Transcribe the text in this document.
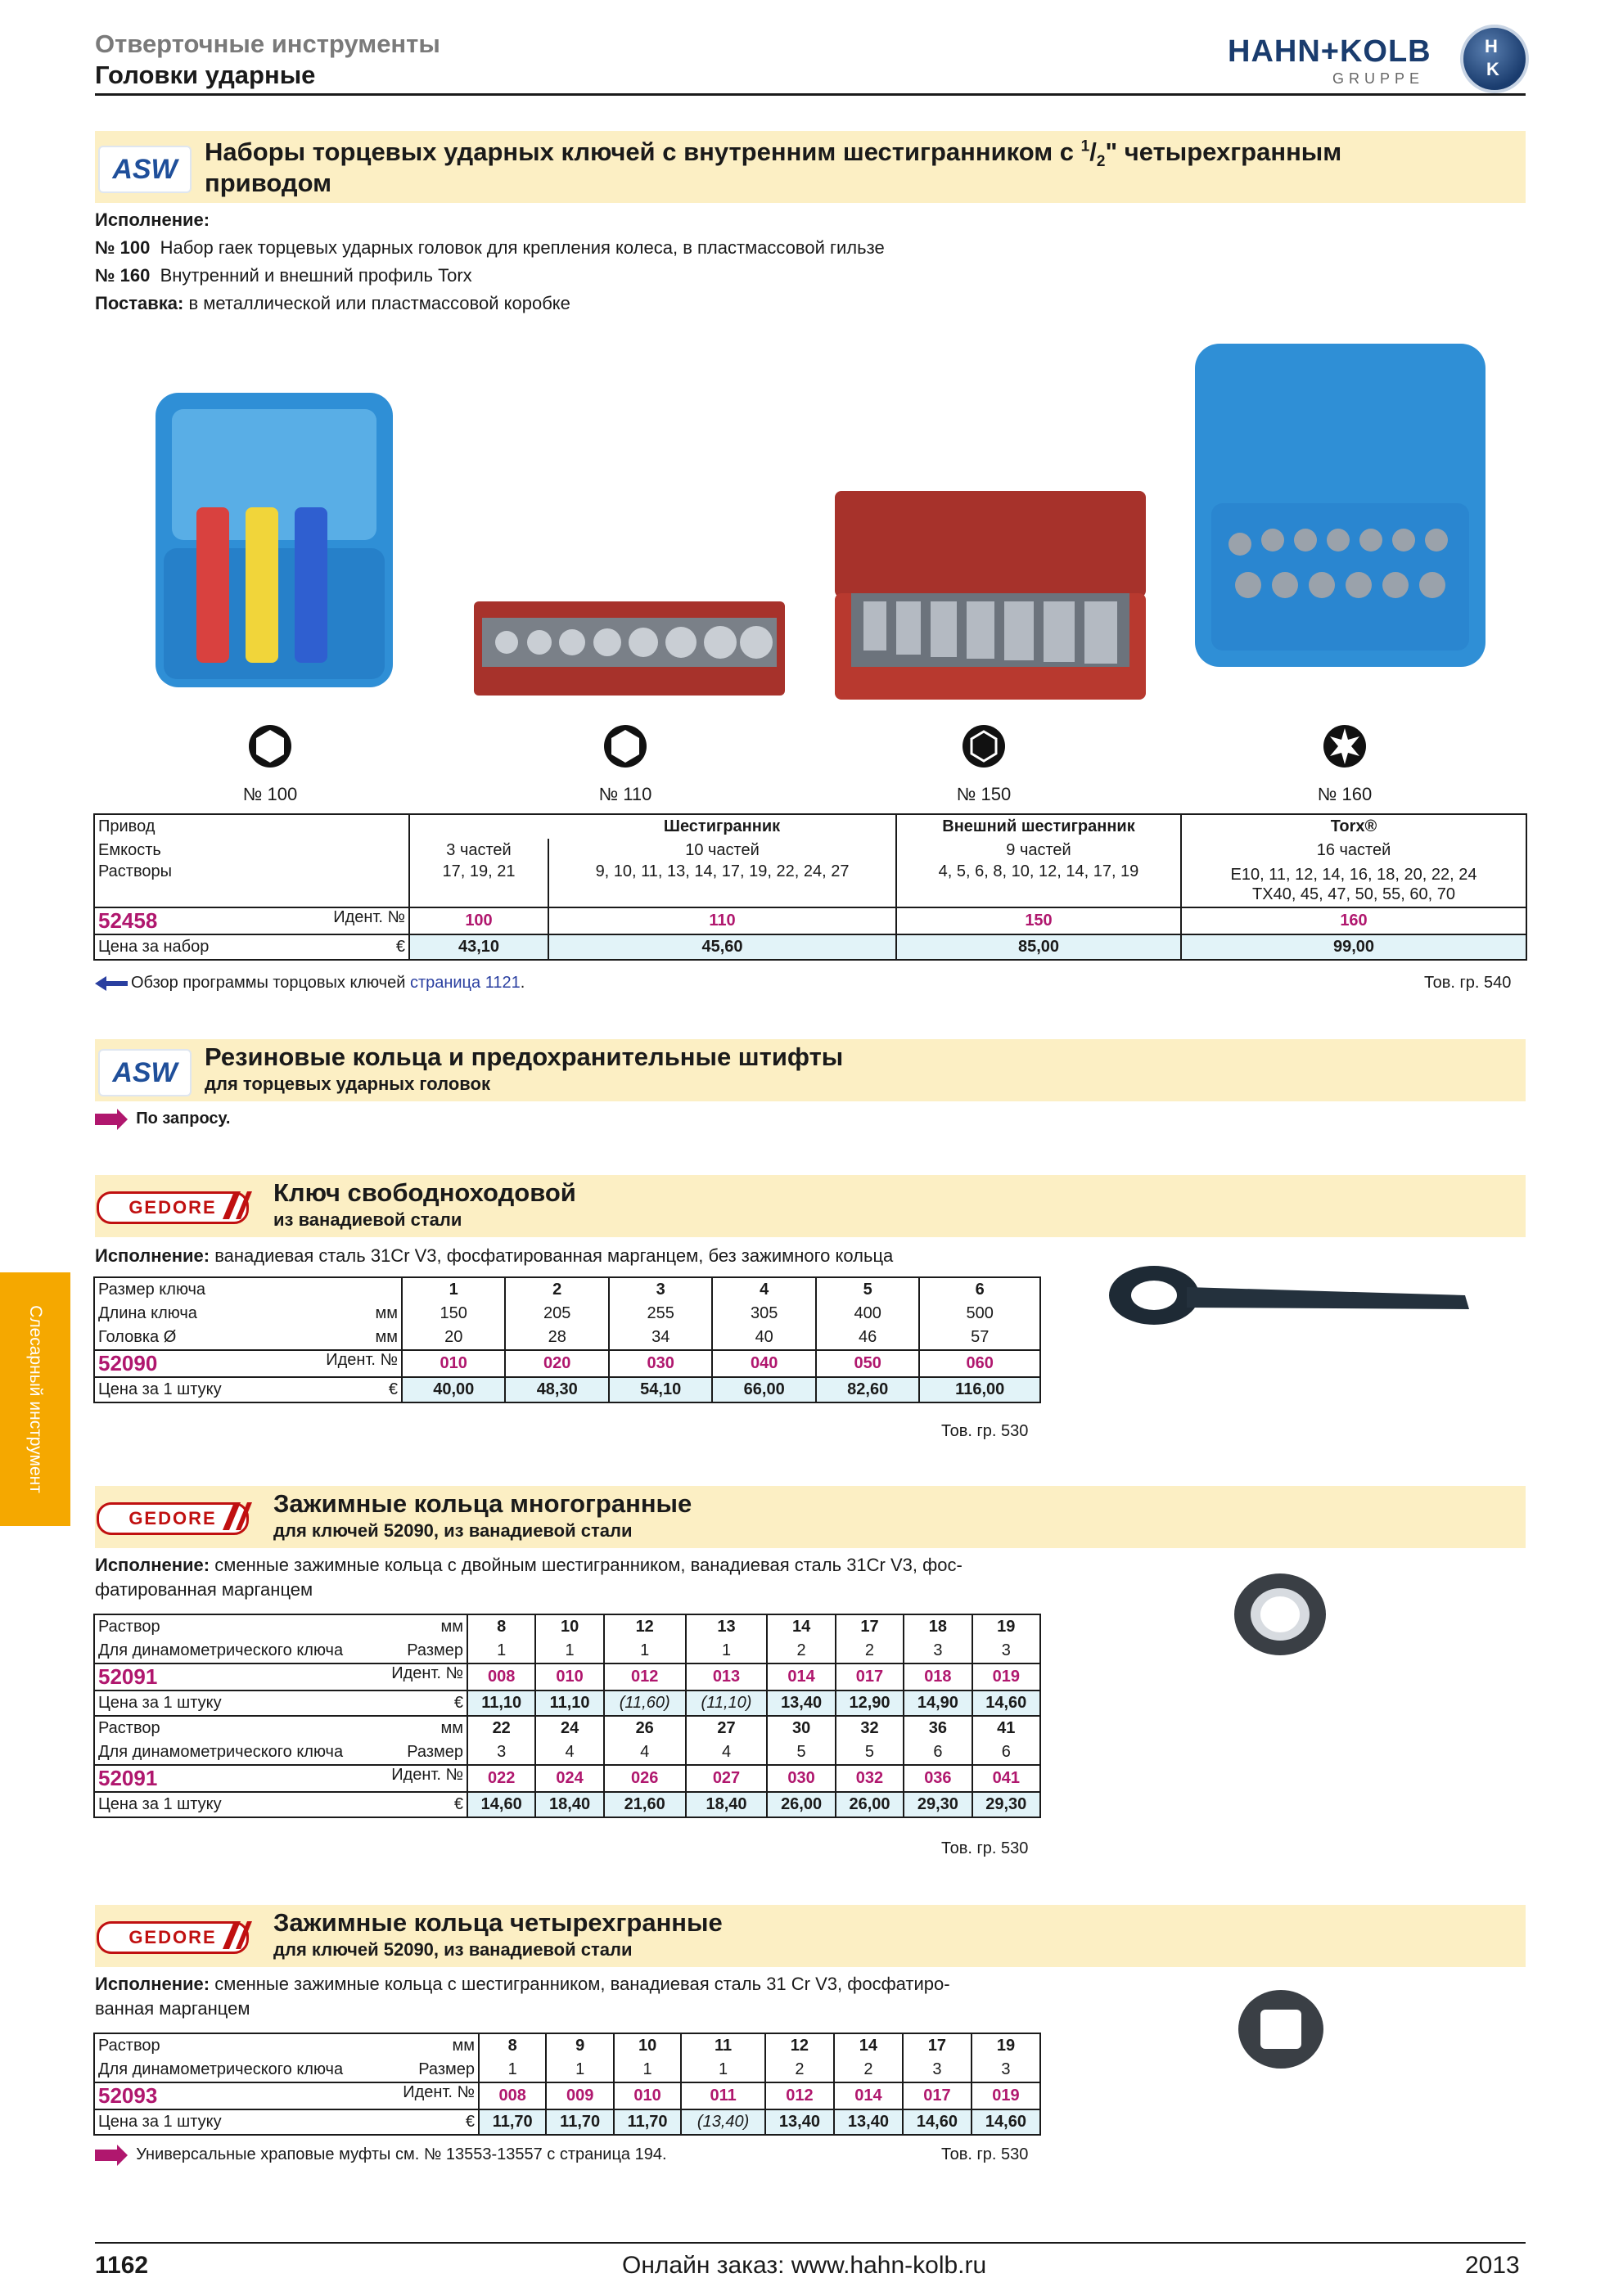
Отверточные инструменты
Головки ударные
HAHN+KOLB
GRUPPE
H
K
Слесарный инструмент
ASW
Наборы торцевых ударных ключей с внутренним шестигранником с $^1/_2$" четырехгранным
приводом
Исполнение:
№ 100 Набор гаек торцевых ударных головок для крепления колеса, в пластмассовой гильзе
№ 160 Внутренний и внешний профиль Torx
Поставка: в металлической или пластмассовой коробке
№ 100	№ 110	№ 150	№ 160
Привод		Шестигранник	Внешний шестигранник	Torx®
Емкость	3 частей	10 частей	9 частей	16 частей
Растворы	17, 19, 21	9, 10, 11, 13, 14, 17, 19, 22, 24, 27	4, 5, 6, 8, 10, 12, 14, 17, 19	E10, 11, 12, 14, 16, 18, 20, 22, 24
TX40, 45, 47, 50, 55, 60, 70
52458 Идент. №	100	110	150	160
Цена за набор €	43,10	45,60	85,00	99,00
Обзор программы торцовых ключей страница 1121.	Тов. гр. 540
ASW
Резиновые кольца и предохранительные штифты
для торцевых ударных головок
По запросу.
GEDORE
Ключ свободноходовой
из ванадиевой стали
Исполнение: ванадиевая сталь 31Cr V3, фосфатированная марганцем, без зажимного кольца
Размер ключа	1	2	3	4	5	6
Длина ключа мм	150	205	255	305	400	500
Головка Ø мм	20	28	34	40	46	57
52090 Идент. №	010	020	030	040	050	060
Цена за 1 штуку €	40,00	48,30	54,10	66,00	82,60	116,00
Тов. гр. 530
GEDORE
Зажимные кольца многогранные
для ключей 52090, из ванадиевой стали
Исполнение: сменные зажимные кольца с двойным шестигранником, ванадиевая сталь 31Cr V3, фос-
фатированная марганцем
Раствор мм	8	10	12	13	14	17	18	19
Для динамометрического ключа Размер	1	1	1	1	2	2	3	3
52091 Идент. №	008	010	012	013	014	017	018	019
Цена за 1 штуку €	11,10	11,10	(11,60)	(11,10)	13,40	12,90	14,90	14,60
Раствор мм	22	24	26	27	30	32	36	41
Для динамометрического ключа Размер	3	4	4	4	5	5	6	6
52091 Идент. №	022	024	026	027	030	032	036	041
Цена за 1 штуку €	14,60	18,40	21,60	18,40	26,00	26,00	29,30	29,30
Тов. гр. 530
GEDORE
Зажимные кольца четырехгранные
для ключей 52090, из ванадиевой стали
Исполнение: сменные зажимные кольца с шестигранником, ванадиевая сталь 31 Cr V3, фосфатиро-
ванная марганцем
Раствор мм	8	9	10	11	12	14	17	19
Для динамометрического ключа Размер	1	1	1	1	2	2	3	3
52093 Идент. №	008	009	010	011	012	014	017	019
Цена за 1 штуку €	11,70	11,70	11,70	(13,40)	13,40	13,40	14,60	14,60
Универсальные храповые муфты см. № 13553-13557 с страница 194.	Тов. гр. 530
1162	Онлайн заказ: www.hahn-kolb.ru	2013
